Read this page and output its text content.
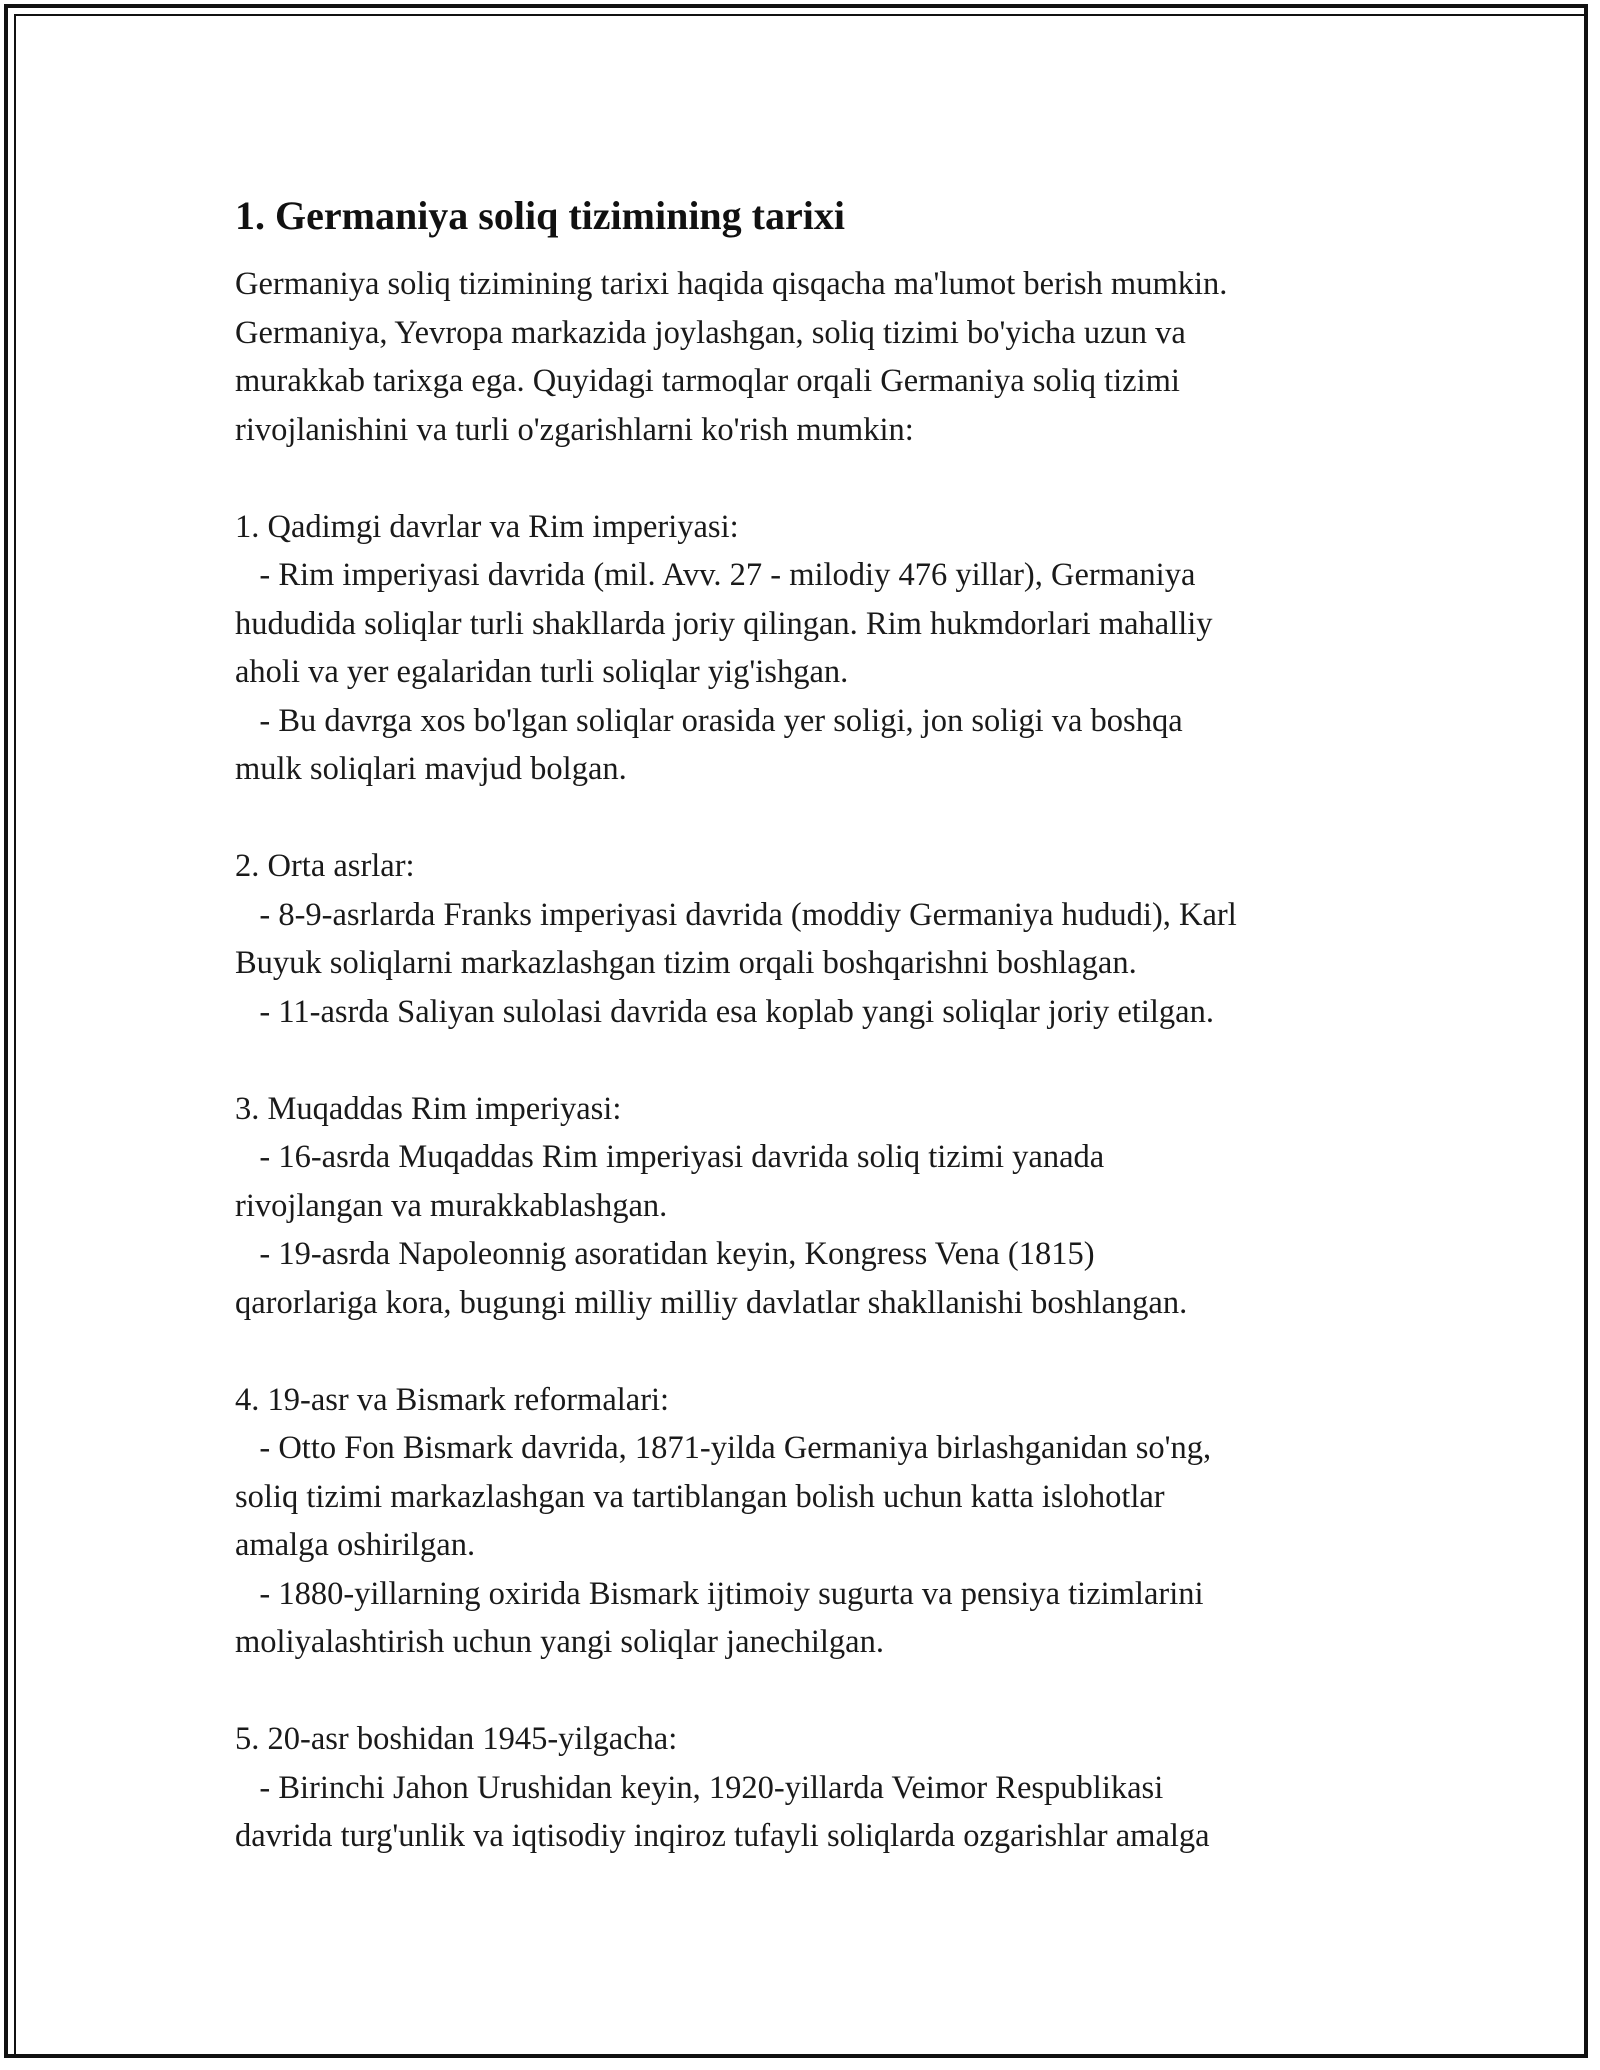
1. Germaniya soliq tizimining tarixi
Germaniya soliq tizimining tarixi haqida qisqacha ma'lumot berish mumkin.
Germaniya, Yevropa markazida joylashgan, soliq tizimi bo'yicha uzun va
murakkab tarixga ega. Quyidagi tarmoqlar orqali Germaniya soliq tizimi
rivojlanishini va turli o'zgarishlarni ko'rish mumkin:
1. Qadimgi davrlar va Rim imperiyasi:
- Rim imperiyasi davrida (mil. Avv. 27 - milodiy 476 yillar), Germaniya
hududida soliqlar turli shakllarda joriy qilingan. Rim hukmdorlari mahalliy
aholi va yer egalaridan turli soliqlar yig'ishgan.
- Bu davrga xos bo'lgan soliqlar orasida yer soligi, jon soligi va boshqa
mulk soliqlari mavjud bolgan.
2. Orta asrlar:
- 8-9-asrlarda Franks imperiyasi davrida (moddiy Germaniya hududi), Karl
Buyuk soliqlarni markazlashgan tizim orqali boshqarishni boshlagan.
- 11-asrda Saliyan sulolasi davrida esa koplab yangi soliqlar joriy etilgan.
3. Muqaddas Rim imperiyasi:
- 16-asrda Muqaddas Rim imperiyasi davrida soliq tizimi yanada
rivojlangan va murakkablashgan.
- 19-asrda Napoleonnig asoratidan keyin, Kongress Vena (1815)
qarorlariga kora, bugungi milliy milliy davlatlar shakllanishi boshlangan.
4. 19-asr va Bismark reformalari:
- Otto Fon Bismark davrida, 1871-yilda Germaniya birlashganidan so'ng,
soliq tizimi markazlashgan va tartiblangan bolish uchun katta islohotlar
amalga oshirilgan.
- 1880-yillarning oxirida Bismark ijtimoiy sugurta va pensiya tizimlarini
moliyalashtirish uchun yangi soliqlar janechilgan.
5. 20-asr boshidan 1945-yilgacha:
- Birinchi Jahon Urushidan keyin, 1920-yillarda Veimor Respublikasi
davrida turg'unlik va iqtisodiy inqiroz tufayli soliqlarda ozgarishlar amalga
